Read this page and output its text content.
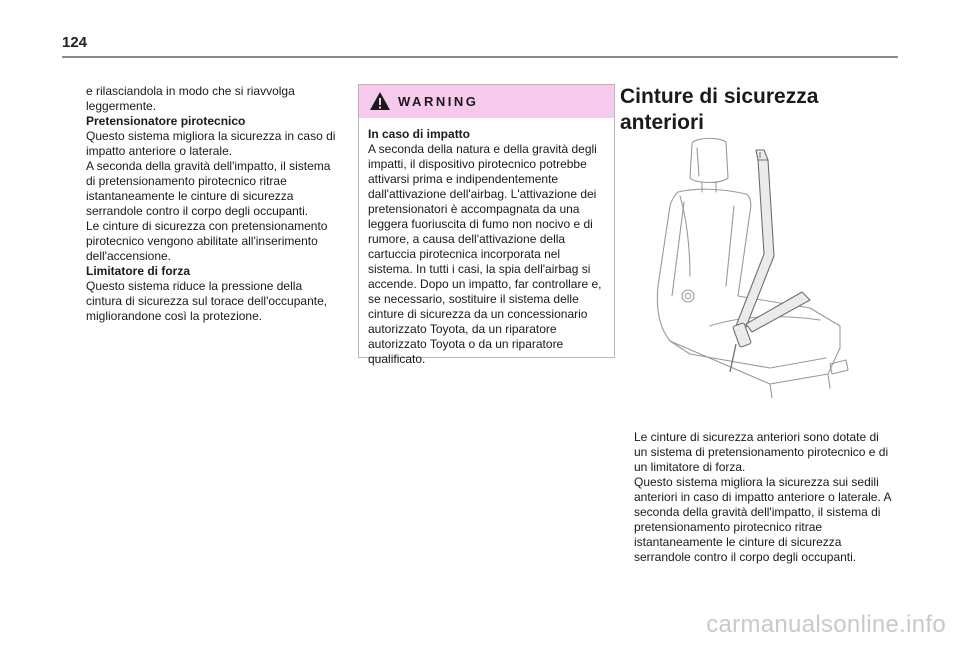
124

e rilasciandola in modo che si riavvolga leggermente.

Pretensionatore pirotecnico

Questo sistema migliora la sicurezza in caso di impatto anteriore o laterale.

A seconda della gravità dell'impatto, il sistema di pretensionamento pirotecnico ritrae istantaneamente le cinture di sicurezza serrandole contro il corpo degli occupanti.

Le cinture di sicurezza con pretensionamento pirotecnico vengono abilitate all'inserimento dell'accensione.

Limitatore di forza

Questo sistema riduce la pressione della cintura di sicurezza sul torace dell'occupante, migliorandone così la protezione.

WARNING
In caso di impatto
A seconda della natura e della gravità degli impatti, il dispositivo pirotecnico potrebbe attivarsi prima e indipendentemente dall'attivazione dell'airbag. L'attivazione dei pretensionatori è accompagnata da una leggera fuoriuscita di fumo non nocivo e di rumore, a causa dell'attivazione della cartuccia pirotecnica incorporata nel sistema. In tutti i casi, la spia dell'airbag si accende. Dopo un impatto, far controllare e, se necessario, sostituire il sistema delle cinture di sicurezza da un concessionario autorizzato Toyota, da un riparatore autorizzato Toyota o da un riparatore qualificato.
Cinture di sicurezza anteriori
Le cinture di sicurezza anteriori sono dotate di un sistema di pretensionamento pirotecnico e di un limitatore di forza.
Questo sistema migliora la sicurezza sui sedili anteriori in caso di impatto anteriore o laterale. A seconda della gravità dell'impatto, il sistema di pretensionamento pirotecnico ritrae istantaneamente le cinture di sicurezza serrandole contro il corpo degli occupanti.
carmanualsonline.info
